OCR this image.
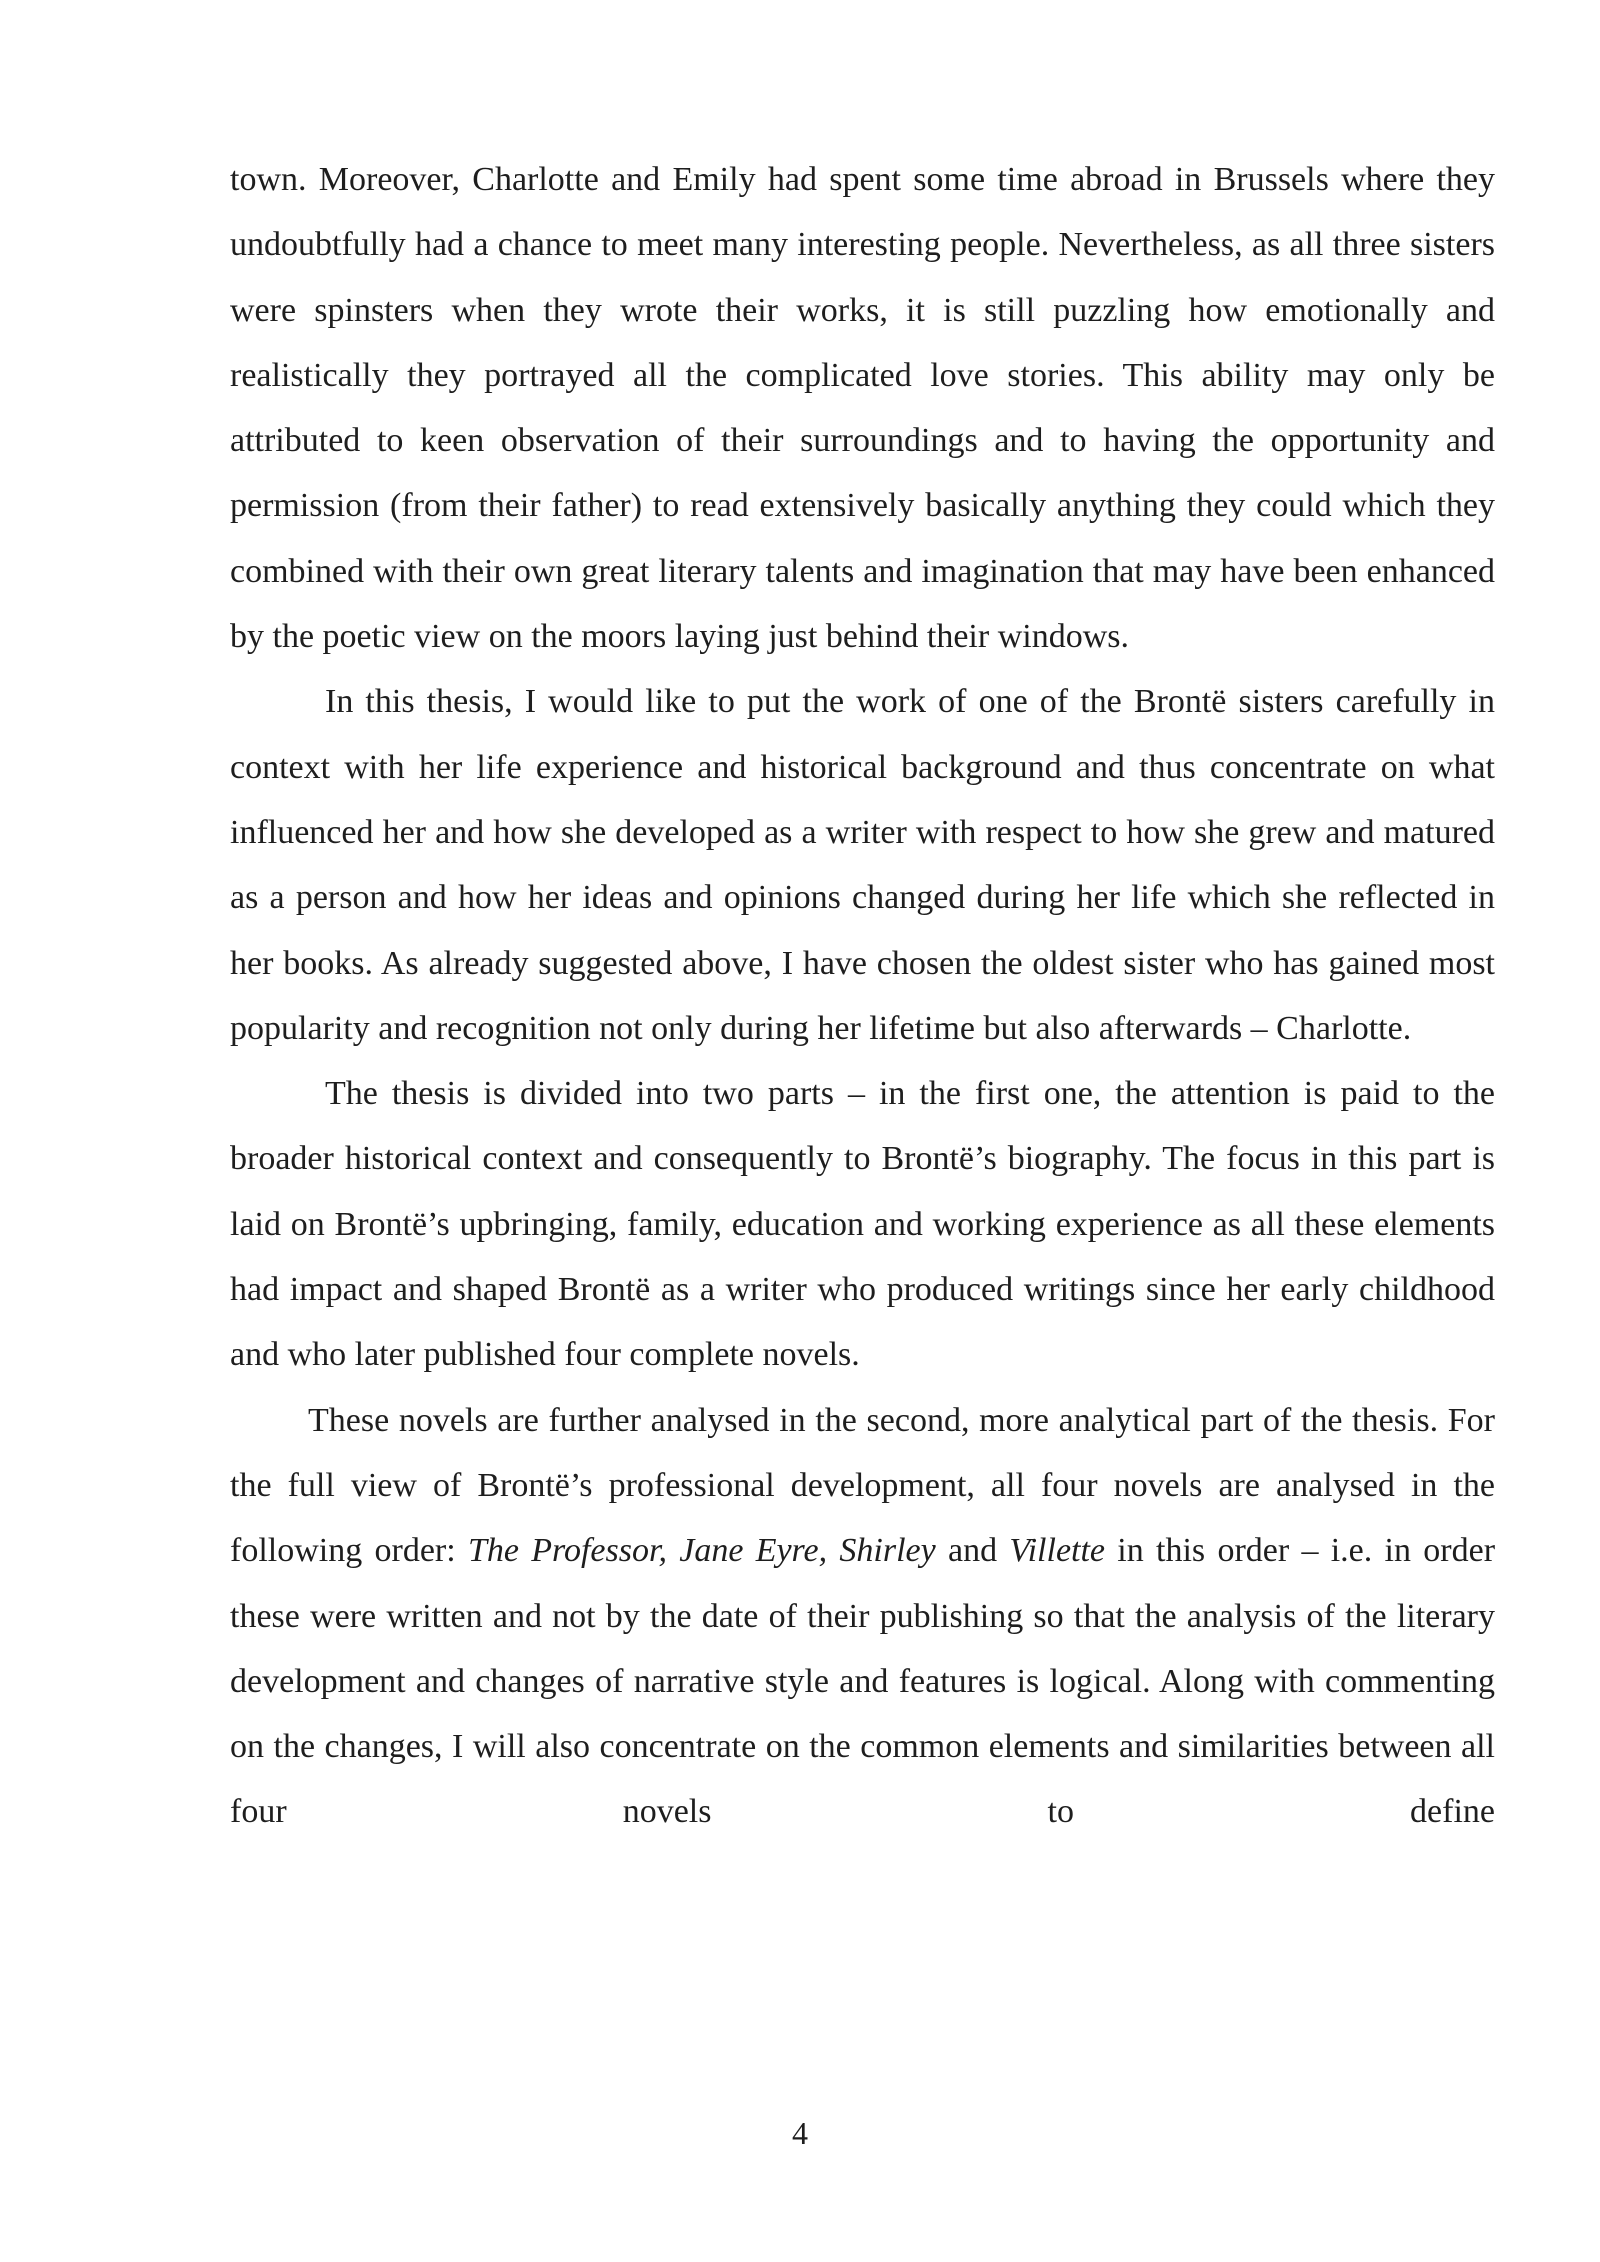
town. Moreover, Charlotte and Emily had spent some time abroad in Brussels where they undoubtfully had a chance to meet many interesting people. Nevertheless, as all three sisters were spinsters when they wrote their works, it is still puzzling how emotionally and realistically they portrayed all the complicated love stories. This ability may only be attributed to keen observation of their surroundings and to having the opportunity and permission (from their father) to read extensively basically anything they could which they combined with their own great literary talents and imagination that may have been enhanced by the poetic view on the moors laying just behind their windows.

In this thesis, I would like to put the work of one of the Brontë sisters carefully in context with her life experience and historical background and thus concentrate on what influenced her and how she developed as a writer with respect to how she grew and matured as a person and how her ideas and opinions changed during her life which she reflected in her books. As already suggested above, I have chosen the oldest sister who has gained most popularity and recognition not only during her lifetime but also afterwards – Charlotte.

The thesis is divided into two parts – in the first one, the attention is paid to the broader historical context and consequently to Brontë’s biography. The focus in this part is laid on Brontë’s upbringing, family, education and working experience as all these elements had impact and shaped Brontë as a writer who produced writings since her early childhood and who later published four complete novels.

These novels are further analysed in the second, more analytical part of the thesis. For the full view of Brontë’s professional development, all four novels are analysed in the following order: The Professor, Jane Eyre, Shirley and Villette in this order – i.e. in order these were written and not by the date of their publishing so that the analysis of the literary development and changes of narrative style and features is logical. Along with commenting on the changes, I will also concentrate on the common elements and similarities between all four novels to define

4
